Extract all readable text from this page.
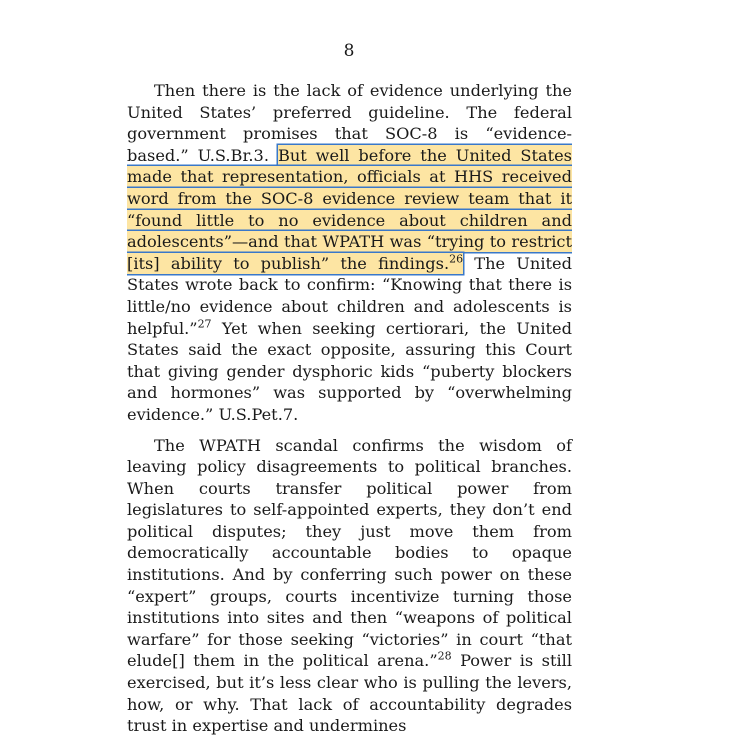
8

Then there is the lack of evidence underlying the United States’ preferred guideline. The federal government promises that SOC-8 is “evidence-based.” U.S.Br.3. But well before the United States made that representation, officials at HHS received word from the SOC-8 evidence review team that it “found little to no evidence about children and adolescents”—and that WPATH was “trying to restrict [its] ability to publish” the findings.$^{26}$ The United States wrote back to confirm: “Knowing that there is little/no evidence about children and adolescents is helpful.”$^{27}$ Yet when seeking certiorari, the United States said the exact opposite, assuring this Court that giving gender dysphoric kids “puberty blockers and hormones” was supported by “overwhelming evidence.” U.S.Pet.7.

The WPATH scandal confirms the wisdom of leaving policy disagreements to political branches. When courts transfer political power from legislatures to self-appointed experts, they don’t end political disputes; they just move them from democratically accountable bodies to opaque institutions. And by conferring such power on these “expert” groups, courts incentivize turning those institutions into sites and then “weapons of political warfare” for those seeking “victories” in court “that elude[] them in the political arena.”$^{28}$ Power is still exercised, but it’s less clear who is pulling the levers, how, or why. That lack of accountability degrades trust in expertise and undermines
